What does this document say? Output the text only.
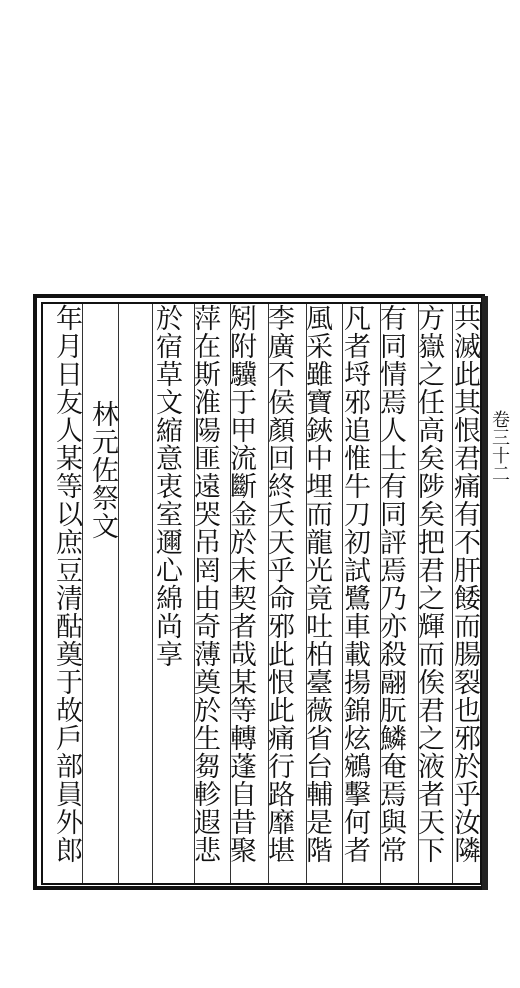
卷三十二
共滅此其恨君痛有不肝餧而腸裂也邪於乎汝隣
方嶽之任高矣陟矣把君之輝而俟君之液者天下
有同情焉人士有同評焉乃亦殺翮朊鱗奄焉與常
凡者埒邪追惟牛刀初試鷺車載揚錦炫鵷擊何者
風采雖寶鋏中埋而龍光竟吐柏臺薇省台輔是階
李廣不侯顏回終夭天乎命邪此恨此痛行路靡堪
矧附驥于甲流斷金於末契者哉某等轉蓬自昔聚
萍在斯淮陽匪遠哭吊罔由奇薄奠於生芻軫遐悲
於宿草文縮意衷室邇心綿尚享
林元佐祭文
年月日友人某等以庶豆清酤奠于故戶部員外郎
